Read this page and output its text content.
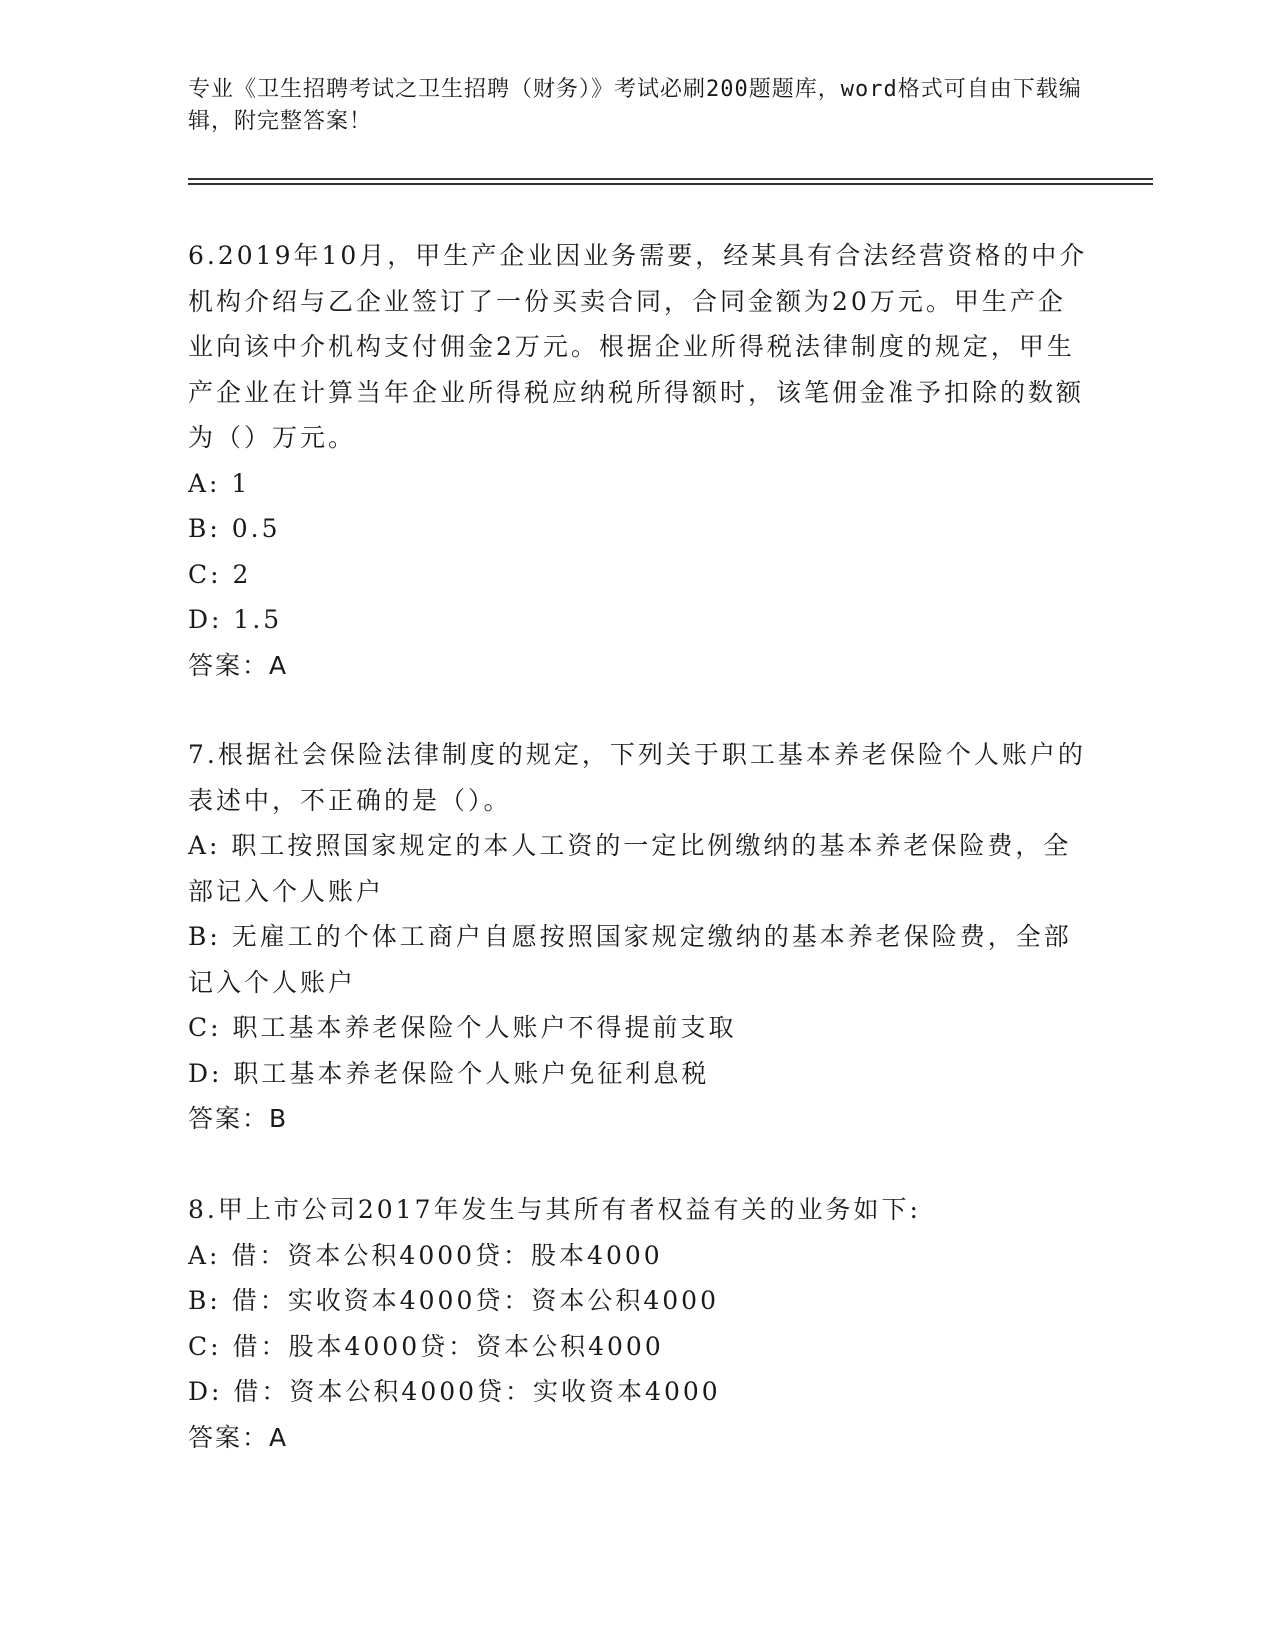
专业《卫生招聘考试之卫生招聘（财务）》考试必刷200题题库，word格式可自由下载编辑，附完整答案！

6.2019年10月，甲生产企业因业务需要，经某具有合法经营资格的中介机构介绍与乙企业签订了一份买卖合同，合同金额为20万元。甲生产企业向该中介机构支付佣金2万元。根据企业所得税法律制度的规定，甲生产企业在计算当年企业所得税应纳税所得额时，该笔佣金准予扣除的数额为（）万元。

A: 1

B: 0.5

C: 2

D: 1.5

答案：A

7.根据社会保险法律制度的规定，下列关于职工基本养老保险个人账户的表述中，不正确的是（）。

A: 职工按照国家规定的本人工资的一定比例缴纳的基本养老保险费，全部记入个人账户

B: 无雇工的个体工商户自愿按照国家规定缴纳的基本养老保险费，全部记入个人账户

C: 职工基本养老保险个人账户不得提前支取

D: 职工基本养老保险个人账户免征利息税

答案：B

8.甲上市公司2017年发生与其所有者权益有关的业务如下:

A: 借：资本公积4000贷：股本4000

B: 借：实收资本4000贷：资本公积4000

C: 借：股本4000贷：资本公积4000

D: 借：资本公积4000贷：实收资本4000

答案：A
